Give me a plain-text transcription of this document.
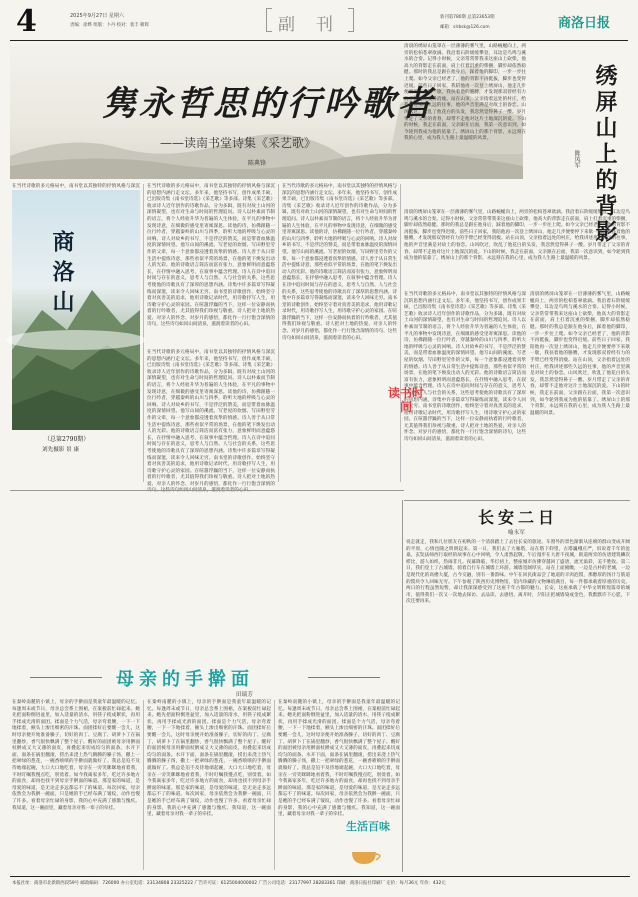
4	2025年9月27日 星期六
责编：徐晔 组版：卜丹 校对：裴丰 朝辉	副　刊	新刊第780期 总第23653期
邮箱：slrbsk@126.com	商洛日报
隽永哲思的行吟歌者
——读南书堂诗集《采艺歌》
陈典锋
在当代诗歌的多元格局中，南书堂以其独特的抒情风格与深沉 在当代诗歌的多元格局中，南书堂以其独特的抒情风格与深沉的思想内涵行走文坛。多年来，他坚持书写，创作成果丰硕，已出版诗集《南书堂诗选》《采艺歌》等多部。诗集《采艺歌》收录诗人近年创作的诗歌作品，分为多辑，既有对故土山河的深情凝望，也有对生命与时间的哲理追问。诗人以朴素而节制的语言，将个人经验升华为普遍的人生体验，在平凡的事物中发现诗意，在细微的感受里寄寓深思。读他的诗，仿佛跟随一位行吟者，穿越秦岭的山川与四季，聆听大地的呼吸与心灵的回响。诗人对故乡的书写，不是浮泛的赞美，而是带着血脉温度的深情回望。他写山间的溪流、写老屋的炊烟、写田野里劳作的父辈，每一个意象都浸透着真挚的情感。诗人善于从日常生活中提炼诗意，那些看似平常的场景，在他的笔下焕发出动人的光彩。他的诗歌语言简洁而富有张力，意象鲜明而意蕴悠长，在抒情中融入思考，在叙事中蕴含哲理。诗人在诗中追问时间与存在的意义，思考人与自然、人与社会的关系，这些思考使他的诗歌具有了深厚的思想内涵。诗集中许多篇章写得凝练而深邃，读来令人回味无穷。南书堂的诗歌创作，始终坚守着对真善美的追求，他用诗歌记录时代，用诗歌抒写人生，用诗歌守护心灵的家园。在喧嚣浮躁的当下，这样一位安静而执着的行吟歌者，尤其值得我们珍视与敬重。诗人把对土地的热爱、对亲人的怀念、对岁月的感悟，都化作一行行饱含深情的诗句，这些诗句如同山间清泉，滋润着读者的心田。
在当代诗歌的多元格局中，南书堂以其独特的抒情风格与深沉的思想内涵行走文坛。多年来，他坚持书写，创作成果丰硕，已出版诗集《南书堂诗选》《采艺歌》等多部。诗集《采艺歌》收录诗人近年创作的诗歌作品，分为多辑，既有对故土山河的深情凝望，也有对生命与时间的哲理追问。诗人以朴素而节制的语言，将个人经验升华为普遍的人生体验，在平凡的事物中发现诗意，在细微的感受里寄寓深思。读他的诗，仿佛跟随一位行吟者，穿越秦岭的山川与四季，聆听大地的呼吸与心灵的回响。诗人对故乡的书写，不是浮泛的赞美，而是带着血脉温度的深情回望。他写山间的溪流、写老屋的炊烟、写田野里劳作的父辈，每一个意象都浸透着真挚的情感。诗人善于从日常生活中提炼诗意，那些看似平常的场景，在他的笔下焕发出动人的光彩。他的诗歌语言简洁而富有张力，意象鲜明而意蕴悠长，在抒情中融入思考，在叙事中蕴含哲理。诗人在诗中追问时间与存在的意义，思考人与自然、人与社会的关系，这些思考使他的诗歌具有了深厚的思想内涵。诗集中许多篇章写得凝练而深邃，读来令人回味无穷。南书堂的诗歌创作，始终坚守着对真善美的追求，他用诗歌记录时代，用诗歌抒写人生，用诗歌守护心灵的家园。在喧嚣浮躁的当下，这样一位安静而执着的行吟歌者，尤其值得我们珍视与敬重。诗人把对土地的热爱、对亲人的怀念、对岁月的感悟，都化作一行行饱含深情的诗句，这些诗句如同山间清泉，滋润着读者的心田。
商洛山
（总第2790期）
刘先摄影 景 康
在当代诗歌的多元格局中，南书堂以其独特的抒情风格与深沉的思想内涵行走文坛。多年来，他坚持书写，创作成果丰硕，已出版诗集《南书堂诗选》《采艺歌》等多部。诗集《采艺歌》收录诗人近年创作的诗歌作品，分为多辑，既有对故土山河的深情凝望，也有对生命与时间的哲理追问。诗人以朴素而节制的语言，将个人经验升华为普遍的人生体验，在平凡的事物中发现诗意，在细微的感受里寄寓深思。读他的诗，仿佛跟随一位行吟者，穿越秦岭的山川与四季，聆听大地的呼吸与心灵的回响。诗人对故乡的书写，不是浮泛的赞美，而是带着血脉温度的深情回望。他写山间的溪流、写老屋的炊烟、写田野里劳作的父辈，每一个意象都浸透着真挚的情感。诗人善于从日常生活中提炼诗意，那些看似平常的场景，在他的笔下焕发出动人的光彩。他的诗歌语言简洁而富有张力，意象鲜明而意蕴悠长，在抒情中融入思考，在叙事中蕴含哲理。诗人在诗中追问时间与存在的意义，思考人与自然、人与社会的关系，这些思考使他的诗歌具有了深厚的思想内涵。诗集中许多篇章写得凝练而深邃，读来令人回味无穷。南书堂的诗歌创作，始终坚守着对真善美的追求，他用诗歌记录时代，用诗歌抒写人生，用诗歌守护心灵的家园。在喧嚣浮躁的当下，这样一位安静而执着的行吟歌者，尤其值得我们珍视与敬重。诗人把对土地的热爱、对亲人的怀念、对岁月的感悟，都化作一行行饱含深情的诗句，这些诗句如同山间清泉，滋润着读者的心田。
清晨的绣屏山笼罩在一层薄薄的雾气里，山路蜿蜒向上，两旁的松柏苍翠欲滴。我沿着石阶缓缓攀登，耳边是鸟鸣与溪水的合奏。记得小时候，父亲常常带我来这座山上砍柴，他高大的背影走在前面，肩上扛着沉重的柴捆，脚步却依然稳健。那时的我总是跟在他身后，踩着他的脚印，一步一步往上爬。如今父亲已经老了，他的背影不再挺拔，脚步也变得迟缓。前些日子回家，我陪他再一次登上绣屏山，他走几步便要停下来歇一歇，我扶着他的胳膊，才发现那双曾经有力的手臂已经变得消瘦。站在山顶，父亲指着远处的村庄，给我讲述那些久远的往事，他的声音里满是对故土的眷恋。山风吹过，吹乱了他花白的头发，我忽然觉得鼻子一酸。岁月带走了父亲的青春，却带不走他对这片土地深沉的爱。下山的时候，我走在前面，父亲跟在后面，我第一次意识到，如今轮到我成为他的依靠了。绣屏山上的那个背影，永远刻在我的心里，成为我人生路上最温暖的风景。	绣屏山上的背影
陈凤军
清晨的绣屏山笼罩在一层薄薄的雾气里，山路蜿蜒向上，两旁的松柏苍翠欲滴。我沿着石阶缓缓攀登，耳边是鸟鸣与溪水的合奏。记得小时候，父亲常常带我来这座山上砍柴，他高大的背影走在前面，肩上扛着沉重的柴捆，脚步却依然稳健。那时的我总是跟在他身后，踩着他的脚印，一步一步往上爬。如今父亲已经老了，他的背影不再挺拔，脚步也变得迟缓。前些日子回家，我陪他再一次登上绣屏山，他走几步便要停下来歇一歇，我扶着他的胳膊，才发现那双曾经有力的手臂已经变得消瘦。站在山顶，父亲指着远处的村庄，给我讲述那些久远的往事，他的声音里满是对故土的眷恋。山风吹过，吹乱了他花白的头发，我忽然觉得鼻子一酸。岁月带走了父亲的青春，却带不走他对这片土地深沉的爱。下山的时候，我走在前面，父亲跟在后面，我第一次意识到，如今轮到我成为他的依靠了。绣屏山上的那个背影，永远刻在我的心里，成为我人生路上最温暖的风景。
在当代诗歌的多元格局中，南书堂以其独特的抒情风格与深沉的思想内涵行走文坛。多年来，他坚持书写，创作成果丰硕，已出版诗集《南书堂诗选》《采艺歌》等多部。诗集《采艺歌》收录诗人近年创作的诗歌作品，分为多辑，既有对故土山河的深情凝望，也有对生命与时间的哲理追问。诗人以朴素而节制的语言，将个人经验升华为普遍的人生体验，在平凡的事物中发现诗意，在细微的感受里寄寓深思。读他的诗，仿佛跟随一位行吟者，穿越秦岭的山川与四季，聆听大地的呼吸与心灵的回响。诗人对故乡的书写，不是浮泛的赞美，而是带着血脉温度的深情回望。他写山间的溪流、写老屋的炊烟、写田野里劳作的父辈，每一个意象都浸透着真挚的情感。诗人善于从日常生活中提炼诗意，那些看似平常的场景，在他的笔下焕发出动人的光彩。他的诗歌语言简洁而富有张力，意象鲜明而意蕴悠长，在抒情中融入思考，在叙事中蕴含哲理。诗人在诗中追问时间与存在的意义，思考人与自然、人与社会的关系，这些思考使他的诗歌具有了深厚的思想内涵。诗集中许多篇章写得凝练而深邃，读来令人回味无穷。南书堂的诗歌创作，始终坚守着对真善美的追求，他用诗歌记录时代，用诗歌抒写人生，用诗歌守护心灵的家园。在喧嚣浮躁的当下，这样一位安静而执着的行吟歌者，尤其值得我们珍视与敬重。诗人把对土地的热爱、对亲人的怀念、对岁月的感悟，都化作一行行饱含深情的诗句，这些诗句如同山间清泉，滋润着读者的心田。
读书时间
清晨的绣屏山笼罩在一层薄薄的雾气里，山路蜿蜒向上，两旁的松柏苍翠欲滴。我沿着石阶缓缓攀登，耳边是鸟鸣与溪水的合奏。记得小时候，父亲常常带我来这座山上砍柴，他高大的背影走在前面，肩上扛着沉重的柴捆，脚步却依然稳健。那时的我总是跟在他身后，踩着他的脚印，一步一步往上爬。如今父亲已经老了，他的背影不再挺拔，脚步也变得迟缓。前些日子回家，我陪他再一次登上绣屏山，他走几步便要停下来歇一歇，我扶着他的胳膊，才发现那双曾经有力的手臂已经变得消瘦。站在山顶，父亲指着远处的村庄，给我讲述那些久远的往事，他的声音里满是对故土的眷恋。山风吹过，吹乱了他花白的头发，我忽然觉得鼻子一酸。岁月带走了父亲的青春，却带不走他对这片土地深沉的爱。下山的时候，我走在前面，父亲跟在后面，我第一次意识到，如今轮到我成为他的依靠了。绣屏山上的那个背影，永远刻在我的心里，成为我人生路上最温暖的风景。
长安二日
喻永军
说走就走，我和几位朋友在初秋的一个清晨踏上了去往长安的旅途。车窗外的景色渐渐从连绵的群山变成开阔的平原，心情也随之明朗起来。第一日，我们去了大雁塔，站在塔下仰望，古塔巍峨庄严，诉说着千年的沧桑。玄奘法师西行取经的故事在心中回响，令人肃然起敬。午后漫步在大唐不夜城，街道两旁的仿唐建筑鳞次栉比，游人如织，热闹非凡。夜幕降临，华灯初上，整座城市仿佛穿越回了盛唐，流光溢彩，美不胜收。第二日，我们登上了古城墙，骑着自行车在城墙上环游。城墙宽阔厚实，站在上面俯瞰，一边是古朴的老城，一边是现代化的高楼大厦，古今交融，别有一番韵味。中午在回民街品尝了地道的羊肉泡馍，那醇厚的汤汁与筋道的馍块令人回味无穷。下午参观了陕西历史博物馆，馆内珍藏的文物琳琅满目，每一件都承载着厚重的历史。两日的行程虽然短暂，却让我深深感受到了这座千年古都的魅力。长安，这座承载了中华文明辉煌篇章的城市，值得我们一次又一次地去探访、去品读、去感悟。离开时，夕阳正把城墙染成金色，我默默许下心愿，下次还要再来。
母亲的手擀面
田瑞芳
在秦岭南麓的小镇上，母亲的手擀面是我童年最温暖的记忆。每逢周末或节日，母亲总会系上围裙，在案板前忙碌起来。她先把面粉倒进盆里，加入适量的清水，用筷子搅成絮状，再用手揉成光滑的面团。揉面是个力气活，母亲弯着腰，一下一下地揉着，额头上渗出细密的汗珠。面团揉好后要醒一会儿，这时母亲便开始准备臊子，切好的肉丁、豆腐丁、胡萝卜丁在锅里翻炒，香气很快飘满了整个屋子。醒好的面团被母亲用擀面杖擀成又大又薄的面皮，再叠起来切成均匀的面条。水开下面，面条在锅里翻滚，捞出来浇上热气腾腾的臊子汤，撒上一把翠绿的葱花，一碗香喷喷的手擀面就做好了。我总是迫不及待地端起碗，大口大口地吃着，母亲在一旁笑眯眯地看着我，不时叮嘱我慢点吃，别烫着。如今我离家多年，吃过许多地方的面食，却再也找不到母亲手擀面的味道。那是家的味道，是母爱的味道，是无论走多远都忘不了的味道。每次回家，母亲依然会为我擀一碗面，只是她的手已经布满了皱纹，动作也慢了许多。看着母亲忙碌的身影，我的心中充满了感激与愧疚。我知道，这一碗面里，藏着母亲对我一辈子的牵挂。
在秦岭南麓的小镇上，母亲的手擀面是我童年最温暖的记忆。每逢周末或节日，母亲总会系上围裙，在案板前忙碌起来。她先把面粉倒进盆里，加入适量的清水，用筷子搅成絮状，再用手揉成光滑的面团。揉面是个力气活，母亲弯着腰，一下一下地揉着，额头上渗出细密的汗珠。面团揉好后要醒一会儿，这时母亲便开始准备臊子，切好的肉丁、豆腐丁、胡萝卜丁在锅里翻炒，香气很快飘满了整个屋子。醒好的面团被母亲用擀面杖擀成又大又薄的面皮，再叠起来切成均匀的面条。水开下面，面条在锅里翻滚，捞出来浇上热气腾腾的臊子汤，撒上一把翠绿的葱花，一碗香喷喷的手擀面就做好了。我总是迫不及待地端起碗，大口大口地吃着，母亲在一旁笑眯眯地看着我，不时叮嘱我慢点吃，别烫着。如今我离家多年，吃过许多地方的面食，却再也找不到母亲手擀面的味道。那是家的味道，是母爱的味道，是无论走多远都忘不了的味道。每次回家，母亲依然会为我擀一碗面，只是她的手已经布满了皱纹，动作也慢了许多。看着母亲忙碌的身影，我的心中充满了感激与愧疚。我知道，这一碗面里，藏着母亲对我一辈子的牵挂。
在秦岭南麓的小镇上，母亲的手擀面是我童年最温暖的记忆。每逢周末或节日，母亲总会系上围裙，在案板前忙碌起来。她先把面粉倒进盆里，加入适量的清水，用筷子搅成絮状，再用手揉成光滑的面团。揉面是个力气活，母亲弯着腰，一下一下地揉着，额头上渗出细密的汗珠。面团揉好后要醒一会儿，这时母亲便开始准备臊子，切好的肉丁、豆腐丁、胡萝卜丁在锅里翻炒，香气很快飘满了整个屋子。醒好的面团被母亲用擀面杖擀成又大又薄的面皮，再叠起来切成均匀的面条。水开下面，面条在锅里翻滚，捞出来浇上热气腾腾的臊子汤，撒上一把翠绿的葱花，一碗香喷喷的手擀面就做好了。我总是迫不及待地端起碗，大口大口地吃着，母亲在一旁笑眯眯地看着我，不时叮嘱我慢点吃，别烫着。如今我离家多年，吃过许多地方的面食，却再也找不到母亲手擀面的味道。那是家的味道，是母爱的味道，是无论走多远都忘不了的味道。每次回家，母亲依然会为我擀一碗面，只是她的手已经布满了皱纹，动作也慢了许多。看着母亲忙碌的身影，我的心中充满了感激与愧疚。我知道，这一碗面里，藏着母亲对我一辈子的牵挂。
生活百味
本报社址：商洛市北新街西段59号 邮政编码：726000 办公室电话：23134808 23325222 广告许可证：6125004000002 广告公司电话：23177997 28283361 印刷：商洛日报社印刷厂 定价：每月36元 年价：432元
